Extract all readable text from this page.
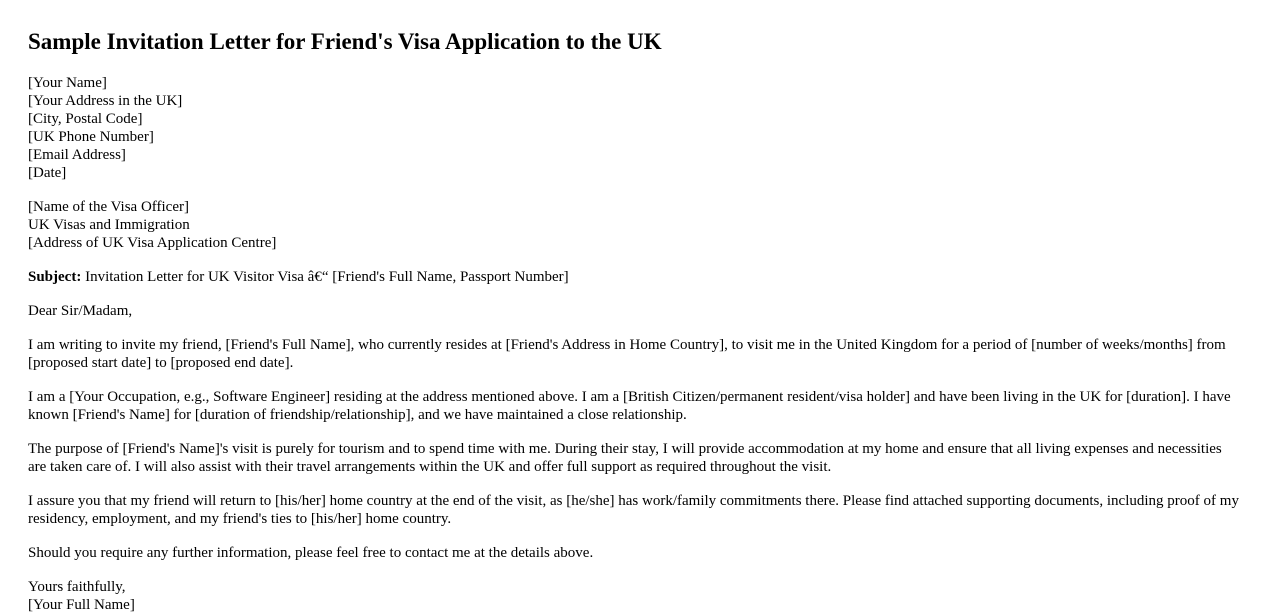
Sample Invitation Letter for Friend's Visa Application to the UK
[Your Name]
[Your Address in the UK]
[City, Postal Code]
[UK Phone Number]
[Email Address]
[Date]
[Name of the Visa Officer]
UK Visas and Immigration
[Address of UK Visa Application Centre]

Subject: Invitation Letter for UK Visitor Visa â€“ [Friend's Full Name, Passport Number]

Dear Sir/Madam,

I am writing to invite my friend, [Friend's Full Name], who currently resides at [Friend's Address in Home Country], to visit me in the United Kingdom for a period of [number of weeks/months] from [proposed start date] to [proposed end date].

I am a [Your Occupation, e.g., Software Engineer] residing at the address mentioned above. I am a [British Citizen/permanent resident/visa holder] and have been living in the UK for [duration]. I have known [Friend's Name] for [duration of friendship/relationship], and we have maintained a close relationship.

The purpose of [Friend's Name]'s visit is purely for tourism and to spend time with me. During their stay, I will provide accommodation at my home and ensure that all living expenses and necessities are taken care of. I will also assist with their travel arrangements within the UK and offer full support as required throughout the visit.

I assure you that my friend will return to [his/her] home country at the end of the visit, as [he/she] has work/family commitments there. Please find attached supporting documents, including proof of my residency, employment, and my friend's ties to [his/her] home country.

Should you require any further information, please feel free to contact me at the details above.

Yours faithfully,
[Your Full Name]
